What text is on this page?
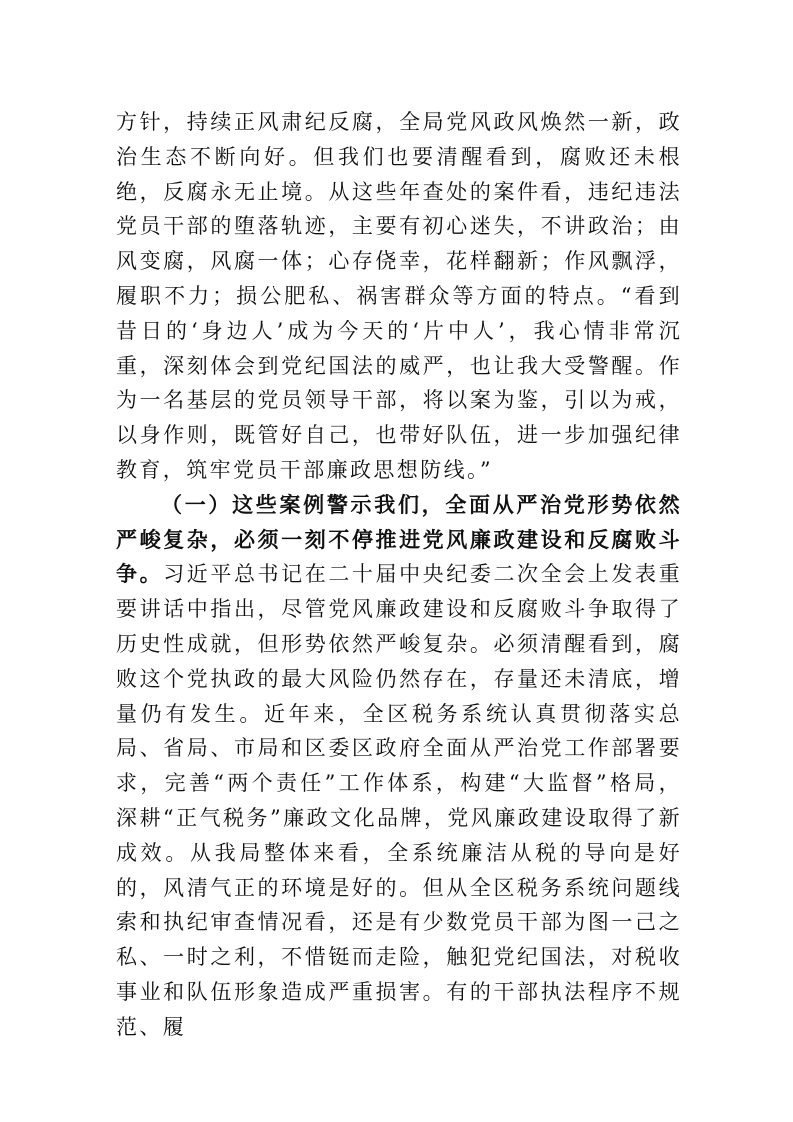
方针，持续正风肃纪反腐，全局党风政风焕然一新，政治生态不断向好。但我们也要清醒看到，腐败还未根绝，反腐永无止境。从这些年查处的案件看，违纪违法党员干部的堕落轨迹，主要有初心迷失，不讲政治；由风变腐，风腐一体；心存侥幸，花样翻新；作风飘浮，履职不力；损公肥私、祸害群众等方面的特点。“看到昔日的‘身边人’成为今天的‘片中人’，我心情非常沉重，深刻体会到党纪国法的威严，也让我大受警醒。作为一名基层的党员领导干部，将以案为鉴，引以为戒，以身作则，既管好自己，也带好队伍，进一步加强纪律教育，筑牢党员干部廉政思想防线。”

（一）这些案例警示我们，全面从严治党形势依然严峻复杂，必须一刻不停推进党风廉政建设和反腐败斗争。习近平总书记在二十届中央纪委二次全会上发表重要讲话中指出，尽管党风廉政建设和反腐败斗争取得了历史性成就，但形势依然严峻复杂。必须清醒看到，腐败这个党执政的最大风险仍然存在，存量还未清底，增量仍有发生。近年来，全区税务系统认真贯彻落实总局、省局、市局和区委区政府全面从严治党工作部署要求，完善“两个责任”工作体系，构建“大监督”格局，深耕“正气税务”廉政文化品牌，党风廉政建设取得了新成效。从我局整体来看，全系统廉洁从税的导向是好的，风清气正的环境是好的。但从全区税务系统问题线索和执纪审查情况看，还是有少数党员干部为图一己之私、一时之利，不惜铤而走险，触犯党纪国法，对税收事业和队伍形象造成严重损害。有的干部执法程序不规范、履
